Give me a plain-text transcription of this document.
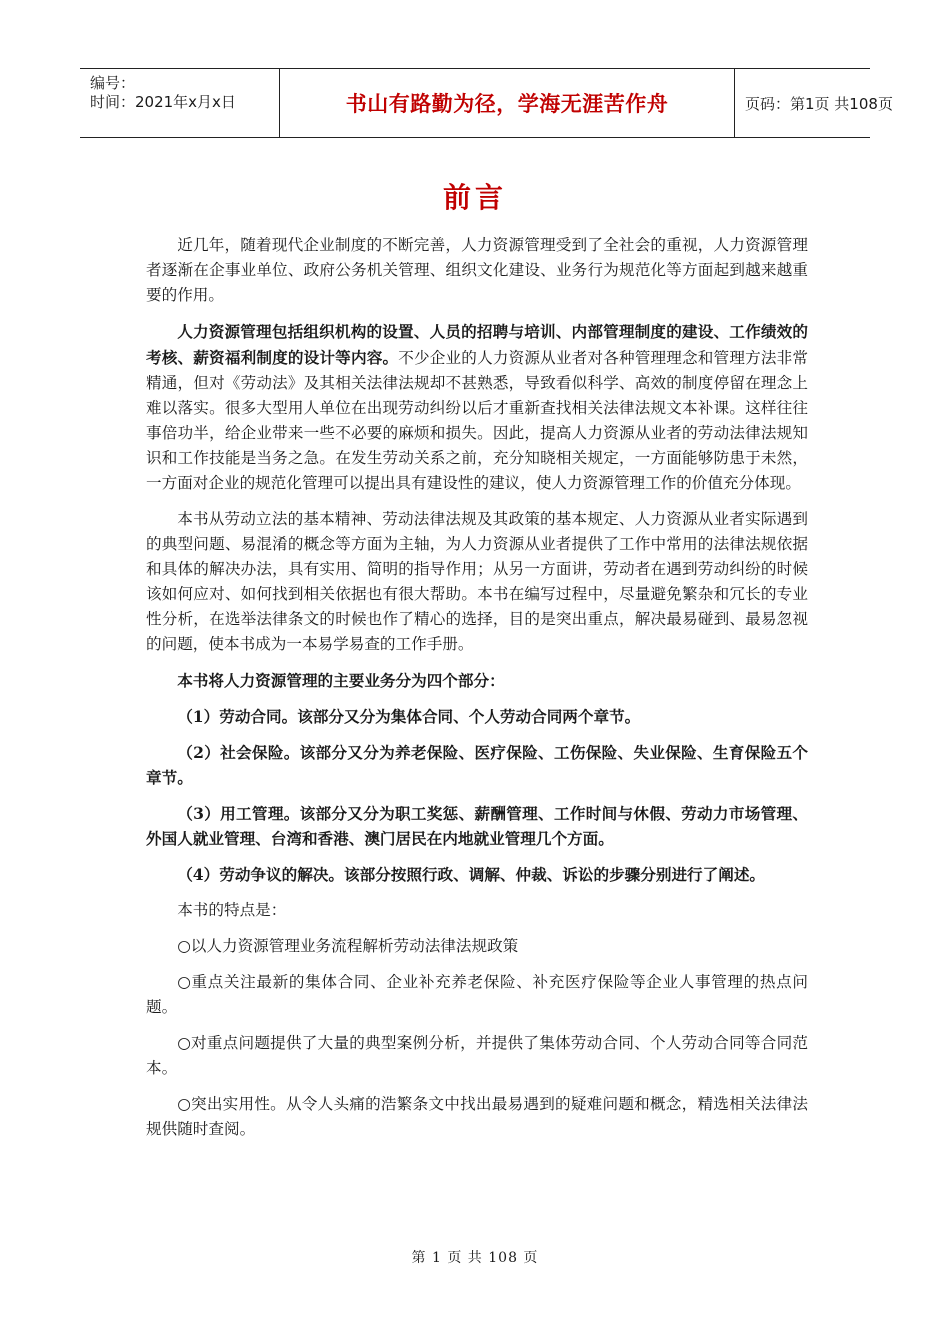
编号：
时间：2021年x月x日	书山有路勤为径，学海无涯苦作舟	页码：第1页 共108页
前言

近几年，随着现代企业制度的不断完善，人力资源管理受到了全社会的重视，人力资源管理者逐渐在企事业单位、政府公务机关管理、组织文化建设、业务行为规范化等方面起到越来越重要的作用。

人力资源管理包括组织机构的设置、人员的招聘与培训、内部管理制度的建设、工作绩效的考核、薪资福利制度的设计等内容。不少企业的人力资源从业者对各种管理理念和管理方法非常精通，但对《劳动法》及其相关法律法规却不甚熟悉，导致看似科学、高效的制度停留在理念上难以落实。很多大型用人单位在出现劳动纠纷以后才重新查找相关法律法规文本补课。这样往往事倍功半，给企业带来一些不必要的麻烦和损失。因此，提高人力资源从业者的劳动法律法规知识和工作技能是当务之急。在发生劳动关系之前，充分知晓相关规定，一方面能够防患于未然，一方面对企业的规范化管理可以提出具有建设性的建议，使人力资源管理工作的价值充分体现。

本书从劳动立法的基本精神、劳动法律法规及其政策的基本规定、人力资源从业者实际遇到的典型问题、易混淆的概念等方面为主轴，为人力资源从业者提供了工作中常用的法律法规依据和具体的解决办法，具有实用、简明的指导作用；从另一方面讲，劳动者在遇到劳动纠纷的时候该如何应对、如何找到相关依据也有很大帮助。本书在编写过程中，尽量避免繁杂和冗长的专业性分析，在选举法律条文的时候也作了精心的选择，目的是突出重点，解决最易碰到、最易忽视的问题，使本书成为一本易学易查的工作手册。

本书将人力资源管理的主要业务分为四个部分：

（1）劳动合同。该部分又分为集体合同、个人劳动合同两个章节。

（2）社会保险。该部分又分为养老保险、医疗保险、工伤保险、失业保险、生育保险五个章节。

（3）用工管理。该部分又分为职工奖惩、薪酬管理、工作时间与休假、劳动力市场管理、外国人就业管理、台湾和香港、澳门居民在内地就业管理几个方面。

（4）劳动争议的解决。该部分按照行政、调解、仲裁、诉讼的步骤分别进行了阐述。

本书的特点是：

○以人力资源管理业务流程解析劳动法律法规政策

○重点关注最新的集体合同、企业补充养老保险、补充医疗保险等企业人事管理的热点问题。

○对重点问题提供了大量的典型案例分析，并提供了集体劳动合同、个人劳动合同等合同范本。

○突出实用性。从令人头痛的浩繁条文中找出最易遇到的疑难问题和概念，精选相关法律法规供随时查阅。

第 1 页 共 108 页
